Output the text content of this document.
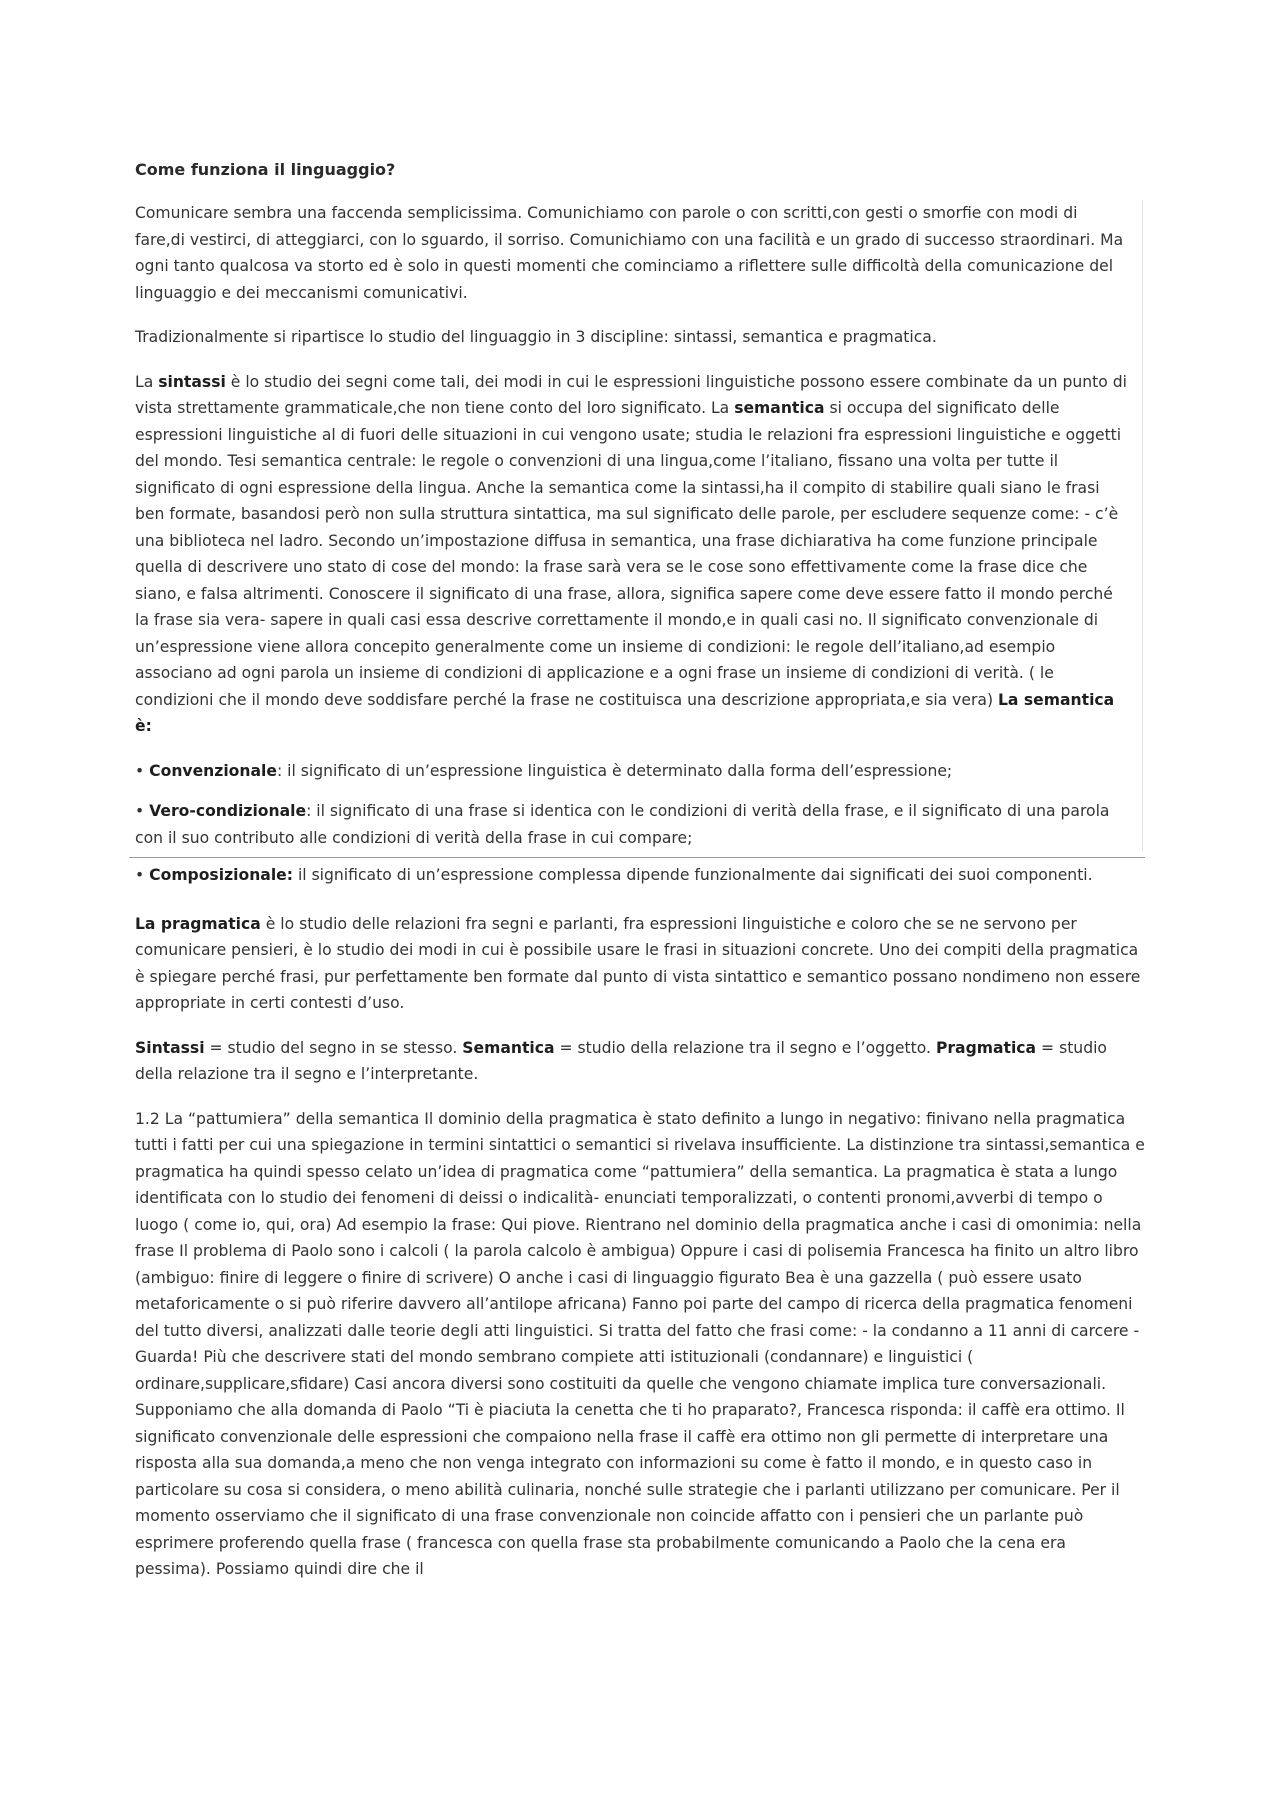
Come funziona il linguaggio?

Comunicare sembra una faccenda semplicissima. Comunichiamo con parole o con scritti,con gesti o smorfie con modi di fare,di vestirci, di atteggiarci, con lo sguardo, il sorriso. Comunichiamo con una facilità e un grado di successo straordinari. Ma ogni tanto qualcosa va storto ed è solo in questi momenti che cominciamo a riflettere sulle difficoltà della comunicazione del linguaggio e dei meccanismi comunicativi.

Tradizionalmente si ripartisce lo studio del linguaggio in 3 discipline: sintassi, semantica e pragmatica.

La sintassi è lo studio dei segni come tali, dei modi in cui le espressioni linguistiche possono essere combinate da un punto di vista strettamente grammaticale,che non tiene conto del loro significato. La semantica si occupa del significato delle espressioni linguistiche al di fuori delle situazioni in cui vengono usate; studia le relazioni fra espressioni linguistiche e oggetti del mondo. Tesi semantica centrale: le regole o convenzioni di una lingua,come l’italiano, fissano una volta per tutte il significato di ogni espressione della lingua. Anche la semantica come la sintassi,ha il compito di stabilire quali siano le frasi ben formate, basandosi però non sulla struttura sintattica, ma sul significato delle parole, per escludere sequenze come: - c’è una biblioteca nel ladro. Secondo un’impostazione diffusa in semantica, una frase dichiarativa ha come funzione principale quella di descrivere uno stato di cose del mondo: la frase sarà vera se le cose sono effettivamente come la frase dice che siano, e falsa altrimenti. Conoscere il significato di una frase, allora, significa sapere come deve essere fatto il mondo perché la frase sia vera- sapere in quali casi essa descrive correttamente il mondo,e in quali casi no. Il significato convenzionale di un’espressione viene allora concepito generalmente come un insieme di condizioni: le regole dell’italiano,ad esempio associano ad ogni parola un insieme di condizioni di applicazione e a ogni frase un insieme di condizioni di verità. ( le condizioni che il mondo deve soddisfare perché la frase ne costituisca una descrizione appropriata,e sia vera) La semantica è:

• Convenzionale: il significato di un’espressione linguistica è determinato dalla forma dell’espressione;

• Vero-condizionale: il significato di una frase si identica con le condizioni di verità della frase, e il significato di una parola con il suo contributo alle condizioni di verità della frase in cui compare;

• Composizionale: il significato di un’espressione complessa dipende funzionalmente dai significati dei suoi componenti.

La pragmatica è lo studio delle relazioni fra segni e parlanti, fra espressioni linguistiche e coloro che se ne servono per comunicare pensieri, è lo studio dei modi in cui è possibile usare le frasi in situazioni concrete. Uno dei compiti della pragmatica è spiegare perché frasi, pur perfettamente ben formate dal punto di vista sintattico e semantico possano nondimeno non essere appropriate in certi contesti d’uso.

Sintassi = studio del segno in se stesso. Semantica = studio della relazione tra il segno e l’oggetto. Pragmatica = studio della relazione tra il segno e l’interpretante.

1.2 La “pattumiera” della semantica Il dominio della pragmatica è stato definito a lungo in negativo: finivano nella pragmatica tutti i fatti per cui una spiegazione in termini sintattici o semantici si rivelava insufficiente. La distinzione tra sintassi,semantica e pragmatica ha quindi spesso celato un’idea di pragmatica come “pattumiera” della semantica. La pragmatica è stata a lungo identificata con lo studio dei fenomeni di deissi o indicalità- enunciati temporalizzati, o contenti pronomi,avverbi di tempo o luogo ( come io, qui, ora) Ad esempio la frase: Qui piove. Rientrano nel dominio della pragmatica anche i casi di omonimia: nella frase Il problema di Paolo sono i calcoli ( la parola calcolo è ambigua) Oppure i casi di polisemia Francesca ha finito un altro libro (ambiguo: finire di leggere o finire di scrivere) O anche i casi di linguaggio figurato Bea è una gazzella ( può essere usato metaforicamente o si può riferire davvero all’antilope africana) Fanno poi parte del campo di ricerca della pragmatica fenomeni del tutto diversi, analizzati dalle teorie degli atti linguistici. Si tratta del fatto che frasi come: - la condanno a 11 anni di carcere - Guarda! Più che descrivere stati del mondo sembrano compiete atti istituzionali (condannare) e linguistici ( ordinare,supplicare,sfidare) Casi ancora diversi sono costituiti da quelle che vengono chiamate implica ture conversazionali. Supponiamo che alla domanda di Paolo “Ti è piaciuta la cenetta che ti ho praparato?, Francesca risponda: il caffè era ottimo. Il significato convenzionale delle espressioni che compaiono nella frase il caffè era ottimo non gli permette di interpretare una risposta alla sua domanda,a meno che non venga integrato con informazioni su come è fatto il mondo, e in questo caso in particolare su cosa si considera, o meno abilità culinaria, nonché sulle strategie che i parlanti utilizzano per comunicare. Per il momento osserviamo che il significato di una frase convenzionale non coincide affatto con i pensieri che un parlante può esprimere proferendo quella frase ( francesca con quella frase sta probabilmente comunicando a Paolo che la cena era pessima). Possiamo quindi dire che il
